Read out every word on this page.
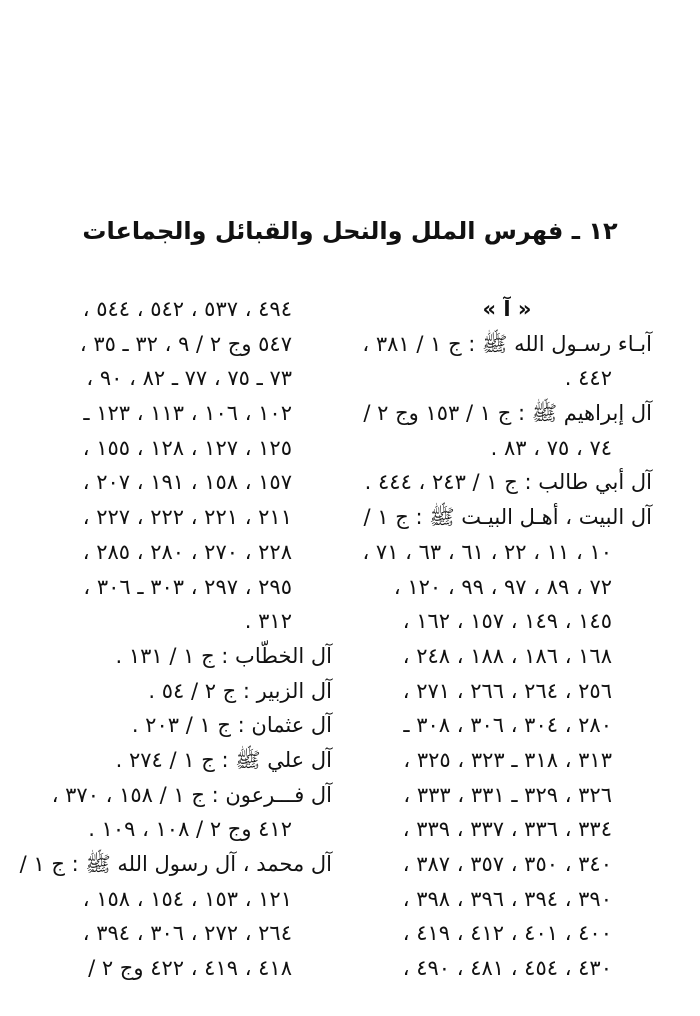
١٢ ـ فهرس الملل والنحل والقبائل والجماعات
« آ »
آبـاء رسـول الله ﷺ : ج ١ / ٣٨١ ،
٤٤٢ .
آل إبراهيم ﷺ : ج ١ / ١٥٣ وج ٢ /
٧٤ ، ٧٥ ، ٨٣ .
آل أبي طالب : ج ١ / ٢٤٣ ، ٤٤٤ .
آل البيت ، أهـل البيـت ﷺ : ج ١ /
١٠ ، ١١ ، ٢٢ ، ٦١ ، ٦٣ ، ٧١ ،
٧٢ ، ٨٩ ، ٩٧ ، ٩٩ ، ١٢٠ ،
١٤٥ ، ١٤٩ ، ١٥٧ ، ١٦٢ ،
١٦٨ ، ١٨٦ ، ١٨٨ ، ٢٤٨ ،
٢٥٦ ، ٢٦٤ ، ٢٦٦ ، ٢٧١ ،
٢٨٠ ، ٣٠٤ ، ٣٠٦ ، ٣٠٨ ـ
٣١٣ ، ٣١٨ ـ ٣٢٣ ، ٣٢٥ ،
٣٢٦ ، ٣٢٩ ـ ٣٣١ ، ٣٣٣ ،
٣٣٤ ، ٣٣٦ ، ٣٣٧ ، ٣٣٩ ،
٣٤٠ ، ٣٥٠ ، ٣٥٧ ، ٣٨٧ ،
٣٩٠ ، ٣٩٤ ، ٣٩٦ ، ٣٩٨ ،
٤٠٠ ، ٤٠١ ، ٤١٢ ، ٤١٩ ،
٤٣٠ ، ٤٥٤ ، ٤٨١ ، ٤٩٠ ،
٤٩٤ ، ٥٣٧ ، ٥٤٢ ، ٥٤٤ ،
٥٤٧ وج ٢ / ٩ ، ٣٢ ـ ٣٥ ،
٧٣ ـ ٧٥ ، ٧٧ ـ ٨٢ ، ٩٠ ،
١٠٢ ، ١٠٦ ، ١١٣ ، ١٢٣ ـ
١٢٥ ، ١٢٧ ، ١٢٨ ، ١٥٥ ،
١٥٧ ، ١٥٨ ، ١٩١ ، ٢٠٧ ،
٢١١ ، ٢٢١ ، ٢٢٢ ، ٢٢٧ ،
٢٢٨ ، ٢٧٠ ، ٢٨٠ ، ٢٨٥ ،
٢٩٥ ، ٢٩٧ ، ٣٠٣ ـ ٣٠٦ ،
٣١٢ .
آل الخطّاب : ج ١ / ١٣١ .
آل الزبير : ج ٢ / ٥٤ .
آل عثمان : ج ١ / ٢٠٣ .
آل علي ﷺ : ج ١ / ٢٧٤ .
آل فـــرعون : ج ١ / ١٥٨ ، ٣٧٠ ،
٤١٢ وج ٢ / ١٠٨ ، ١٠٩ .
آل محمد ، آل رسول الله ﷺ : ج ١ /
١٢١ ، ١٥٣ ، ١٥٤ ، ١٥٨ ،
٢٦٤ ، ٢٧٢ ، ٣٠٦ ، ٣٩٤ ،
٤١٨ ، ٤١٩ ، ٤٢٢ وج ٢ /
